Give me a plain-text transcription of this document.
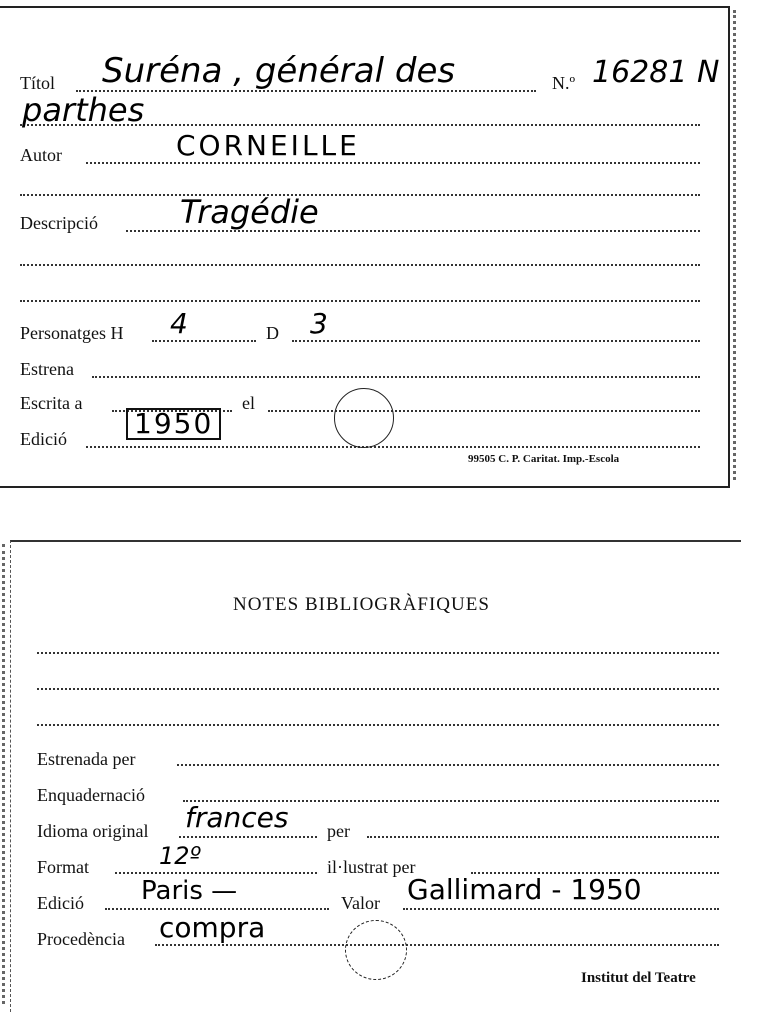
Títol Suréna , général des	N.º 16281 N
parthes
Autor	CORNEILLE
Descripció	Tragédie
Personatges H 4	D 3
Estrena
Escrita a	el
Edició 1950
99505 C. P. Caritat. Imp.-Escola
NOTES BIBLIOGRÀFIQUES
Estrenada per
Enquadernació
Idioma original frances per
Format	12º	il·lustrat per
Edició Paris —	Valor Gallimard - 1950
Procedència compra
Institut del Teatre
